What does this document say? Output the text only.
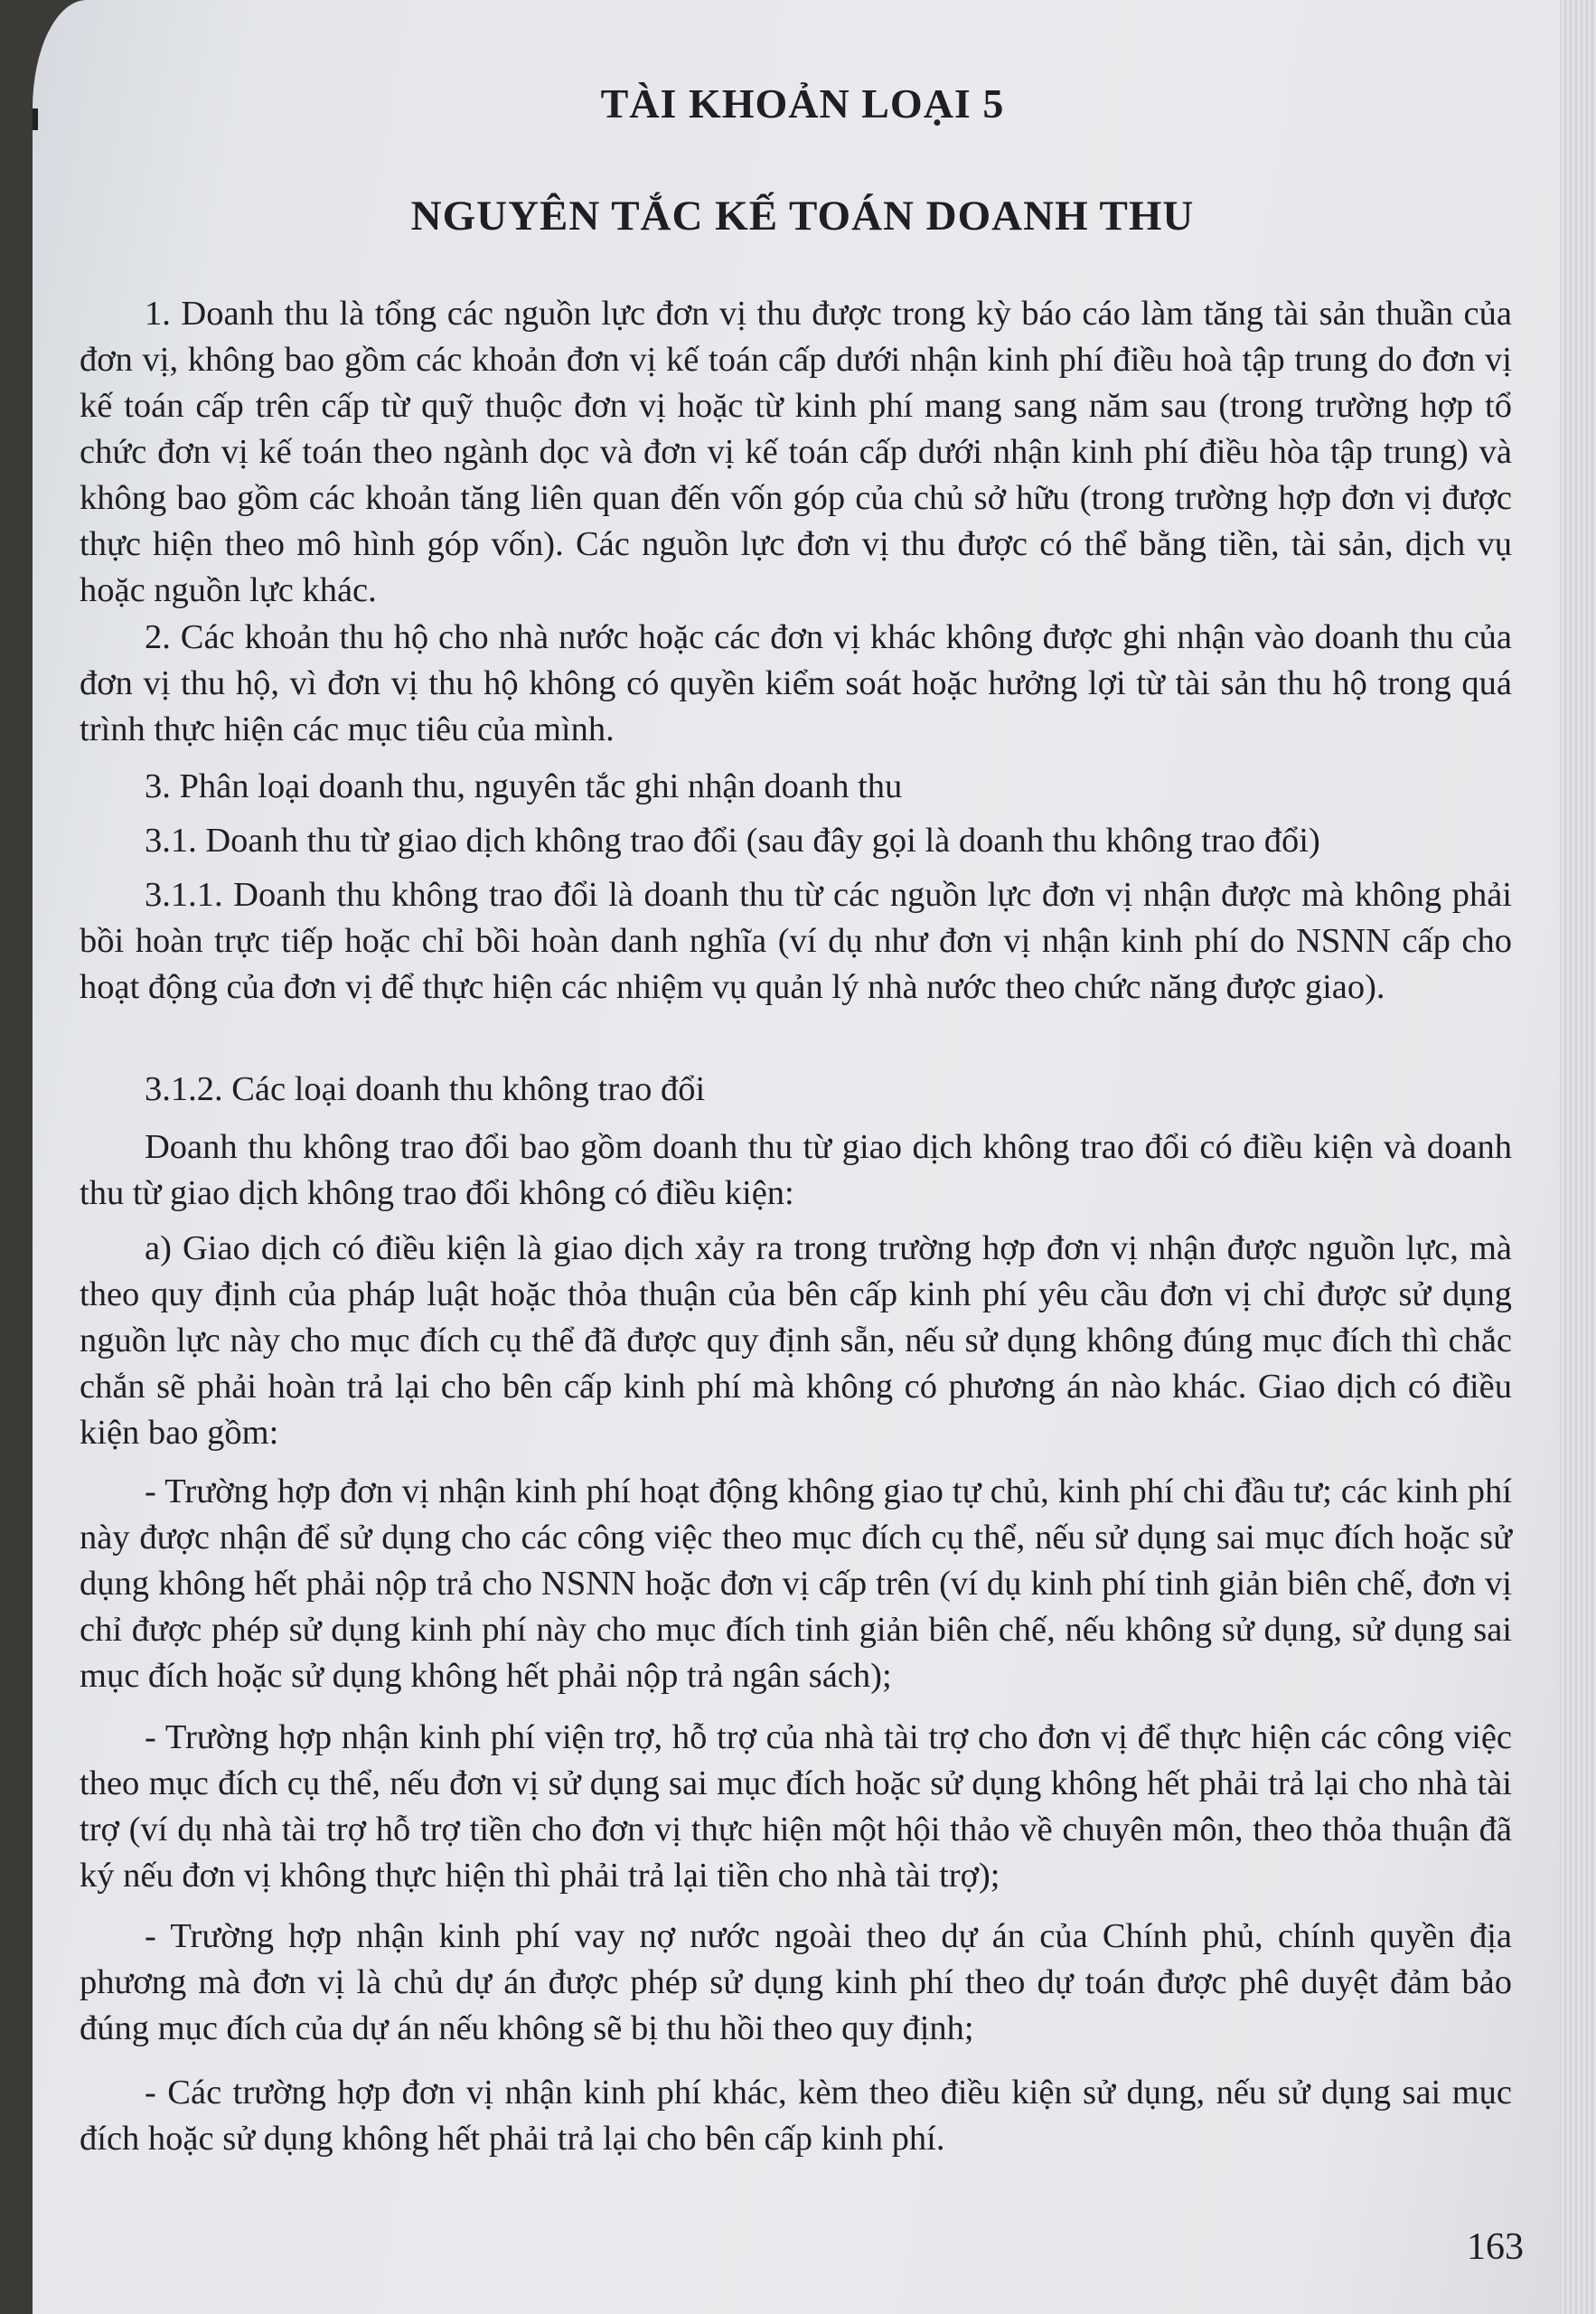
TÀI KHOẢN LOẠI 5
NGUYÊN TẮC KẾ TOÁN DOANH THU
1. Doanh thu là tổng các nguồn lực đơn vị thu được trong kỳ báo cáo làm tăng tài sản thuần của đơn vị, không bao gồm các khoản đơn vị kế toán cấp dưới nhận kinh phí điều hoà tập trung do đơn vị kế toán cấp trên cấp từ quỹ thuộc đơn vị hoặc từ kinh phí mang sang năm sau (trong trường hợp tổ chức đơn vị kế toán theo ngành dọc và đơn vị kế toán cấp dưới nhận kinh phí điều hòa tập trung) và không bao gồm các khoản tăng liên quan đến vốn góp của chủ sở hữu (trong trường hợp đơn vị được thực hiện theo mô hình góp vốn). Các nguồn lực đơn vị thu được có thể bằng tiền, tài sản, dịch vụ hoặc nguồn lực khác.
2. Các khoản thu hộ cho nhà nước hoặc các đơn vị khác không được ghi nhận vào doanh thu của đơn vị thu hộ, vì đơn vị thu hộ không có quyền kiểm soát hoặc hưởng lợi từ tài sản thu hộ trong quá trình thực hiện các mục tiêu của mình.
3. Phân loại doanh thu, nguyên tắc ghi nhận doanh thu
3.1. Doanh thu từ giao dịch không trao đổi (sau đây gọi là doanh thu không trao đổi)
3.1.1. Doanh thu không trao đổi là doanh thu từ các nguồn lực đơn vị nhận được mà không phải bồi hoàn trực tiếp hoặc chỉ bồi hoàn danh nghĩa (ví dụ như đơn vị nhận kinh phí do NSNN cấp cho hoạt động của đơn vị để thực hiện các nhiệm vụ quản lý nhà nước theo chức năng được giao).
3.1.2. Các loại doanh thu không trao đổi
Doanh thu không trao đổi bao gồm doanh thu từ giao dịch không trao đổi có điều kiện và doanh thu từ giao dịch không trao đổi không có điều kiện:
a) Giao dịch có điều kiện là giao dịch xảy ra trong trường hợp đơn vị nhận được nguồn lực, mà theo quy định của pháp luật hoặc thỏa thuận của bên cấp kinh phí yêu cầu đơn vị chỉ được sử dụng nguồn lực này cho mục đích cụ thể đã được quy định sẵn, nếu sử dụng không đúng mục đích thì chắc chắn sẽ phải hoàn trả lại cho bên cấp kinh phí mà không có phương án nào khác. Giao dịch có điều kiện bao gồm:
- Trường hợp đơn vị nhận kinh phí hoạt động không giao tự chủ, kinh phí chi đầu tư; các kinh phí này được nhận để sử dụng cho các công việc theo mục đích cụ thể, nếu sử dụng sai mục đích hoặc sử dụng không hết phải nộp trả cho NSNN hoặc đơn vị cấp trên (ví dụ kinh phí tinh giản biên chế, đơn vị chỉ được phép sử dụng kinh phí này cho mục đích tinh giản biên chế, nếu không sử dụng, sử dụng sai mục đích hoặc sử dụng không hết phải nộp trả ngân sách);
- Trường hợp nhận kinh phí viện trợ, hỗ trợ của nhà tài trợ cho đơn vị để thực hiện các công việc theo mục đích cụ thể, nếu đơn vị sử dụng sai mục đích hoặc sử dụng không hết phải trả lại cho nhà tài trợ (ví dụ nhà tài trợ hỗ trợ tiền cho đơn vị thực hiện một hội thảo về chuyên môn, theo thỏa thuận đã ký nếu đơn vị không thực hiện thì phải trả lại tiền cho nhà tài trợ);
- Trường hợp nhận kinh phí vay nợ nước ngoài theo dự án của Chính phủ, chính quyền địa phương mà đơn vị là chủ dự án được phép sử dụng kinh phí theo dự toán được phê duyệt đảm bảo đúng mục đích của dự án nếu không sẽ bị thu hồi theo quy định;
- Các trường hợp đơn vị nhận kinh phí khác, kèm theo điều kiện sử dụng, nếu sử dụng sai mục đích hoặc sử dụng không hết phải trả lại cho bên cấp kinh phí.
163
